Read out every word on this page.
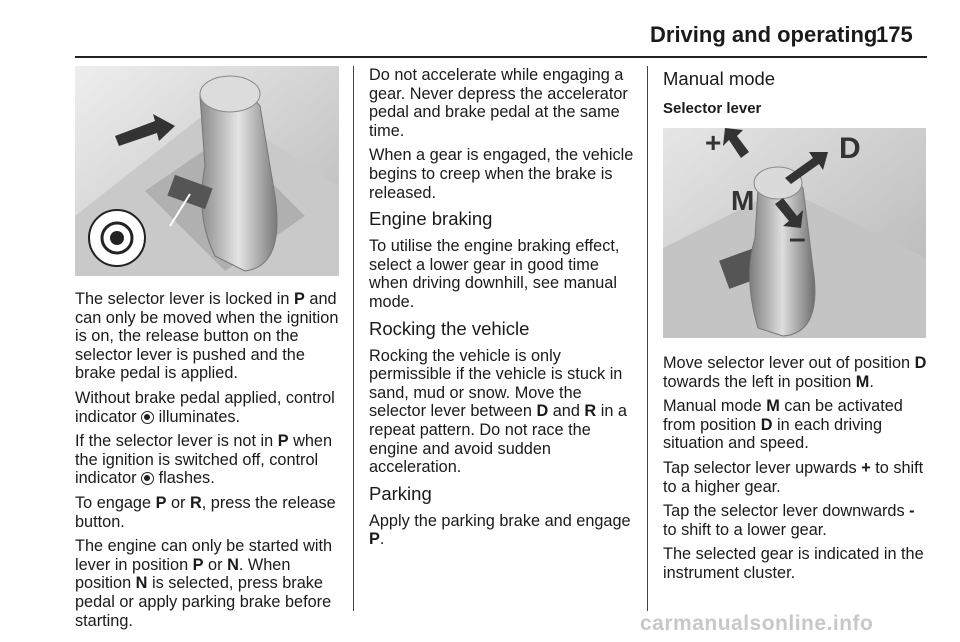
Driving and operating
175

The selector lever is locked in P and can only be moved when the ignition is on, the release button on the selector lever is pushed and the brake pedal is applied.

Without brake pedal applied, control indicator  illuminates.

If the selector lever is not in P when the ignition is switched off, control indicator  flashes.

To engage P or R, press the release button.

The engine can only be started with lever in position P or N. When position N is selected, press brake pedal or apply parking brake before starting.

Do not accelerate while engaging a gear. Never depress the accelerator pedal and brake pedal at the same time.

When a gear is engaged, the vehicle begins to creep when the brake is released.

Engine braking

To utilise the engine braking effect, select a lower gear in good time when driving downhill, see manual mode.

Rocking the vehicle

Rocking the vehicle is only permissible if the vehicle is stuck in sand, mud or snow. Move the selector lever between D and R in a repeat pattern. Do not race the engine and avoid sudden acceleration.

Parking

Apply the parking brake and engage P.

Manual mode
Selector lever
+	D
M
–

Move selector lever out of position D towards the left in position M.

Manual mode M can be activated from position D in each driving situation and speed.

Tap selector lever upwards + to shift to a higher gear.

Tap the selector lever downwards - to shift to a lower gear.

The selected gear is indicated in the instrument cluster.

carmanualsonline.info
